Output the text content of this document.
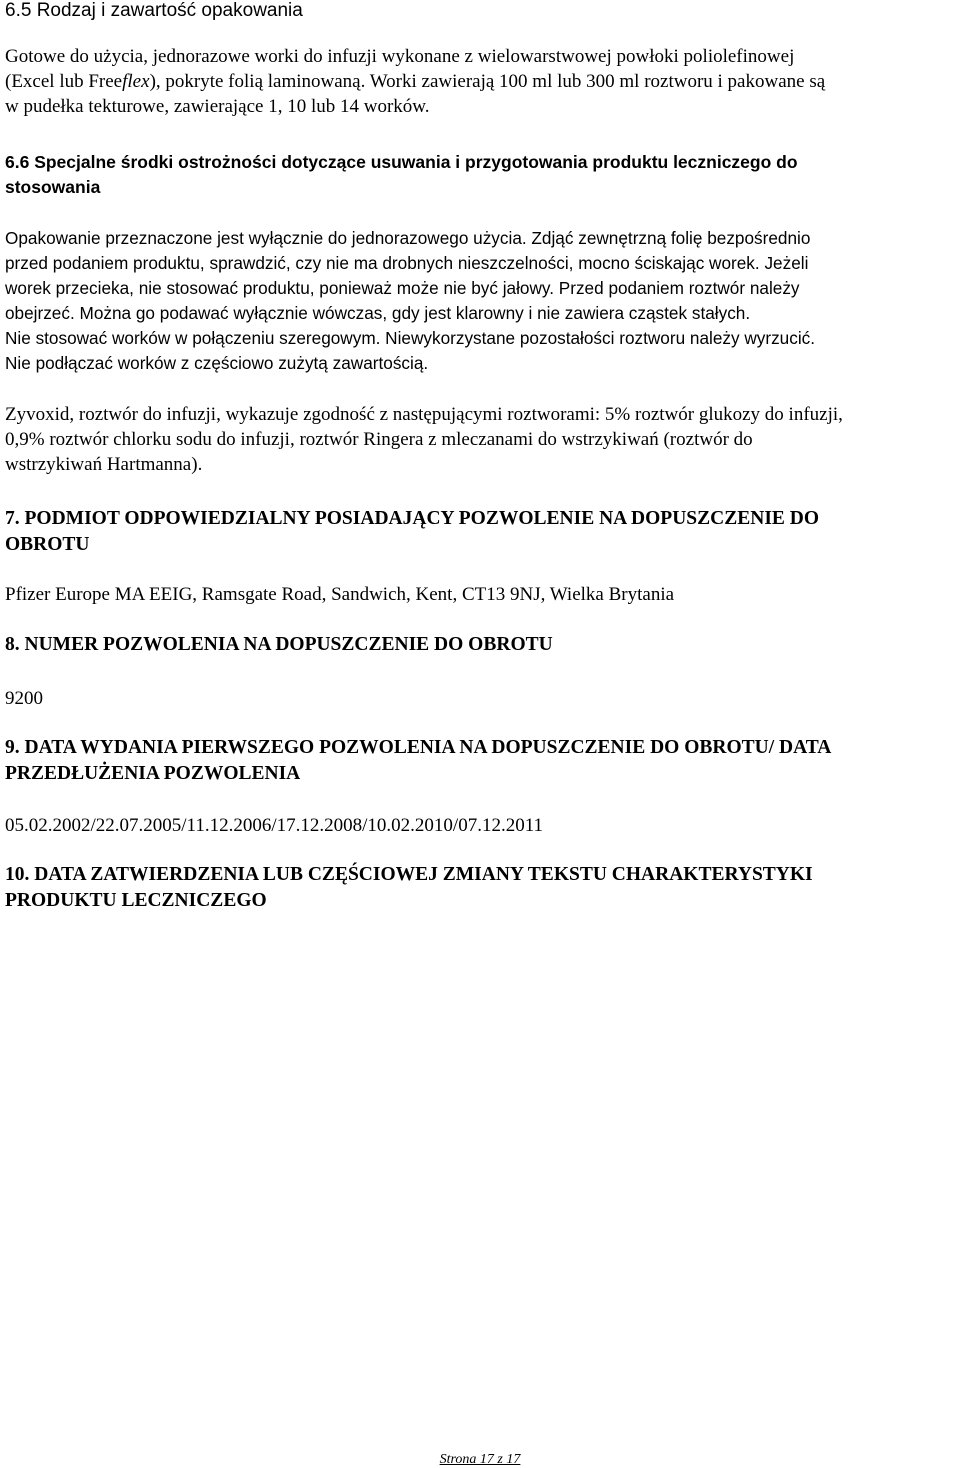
6.5 Rodzaj i zawartość opakowania
Gotowe do użycia, jednorazowe worki do infuzji wykonane z wielowarstwowej powłoki poliolefinowej
(Excel lub Freeflex), pokryte folią laminowaną. Worki zawierają 100 ml lub 300 ml roztworu i pakowane są
w pudełka tekturowe, zawierające 1, 10 lub 14 worków.
6.6 Specjalne środki ostrożności dotyczące usuwania i przygotowania produktu leczniczego do
stosowania
Opakowanie przeznaczone jest wyłącznie do jednorazowego użycia. Zdjąć zewnętrzną folię bezpośrednio
przed podaniem produktu, sprawdzić, czy nie ma drobnych nieszczelności, mocno ściskając worek. Jeżeli
worek przecieka, nie stosować produktu, ponieważ może nie być jałowy. Przed podaniem roztwór należy
obejrzeć. Można go podawać wyłącznie wówczas, gdy jest klarowny i nie zawiera cząstek stałych.
Nie stosować worków w połączeniu szeregowym. Niewykorzystane pozostałości roztworu należy wyrzucić.
Nie podłączać worków z częściowo zużytą zawartością.
Zyvoxid, roztwór do infuzji, wykazuje zgodność z następującymi roztworami: 5% roztwór glukozy do infuzji,
0,9% roztwór chlorku sodu do infuzji, roztwór Ringera z mleczanami do wstrzykiwań (roztwór do
wstrzykiwań Hartmanna).
7. PODMIOT ODPOWIEDZIALNY POSIADAJĄCY POZWOLENIE NA DOPUSZCZENIE DO
OBROTU

Pfizer Europe MA EEIG, Ramsgate Road, Sandwich, Kent, CT13 9NJ, Wielka Brytania

8. NUMER POZWOLENIA NA DOPUSZCZENIE DO OBROTU

9200

9. DATA WYDANIA PIERWSZEGO POZWOLENIA NA DOPUSZCZENIE DO OBROTU/ DATA
PRZEDŁUŻENIA POZWOLENIA

05.02.2002/22.07.2005/11.12.2006/17.12.2008/10.02.2010/07.12.2011

10. DATA ZATWIERDZENIA LUB CZĘŚCIOWEJ ZMIANY TEKSTU CHARAKTERYSTYKI
PRODUKTU LECZNICZEGO
Strona 17 z 17
